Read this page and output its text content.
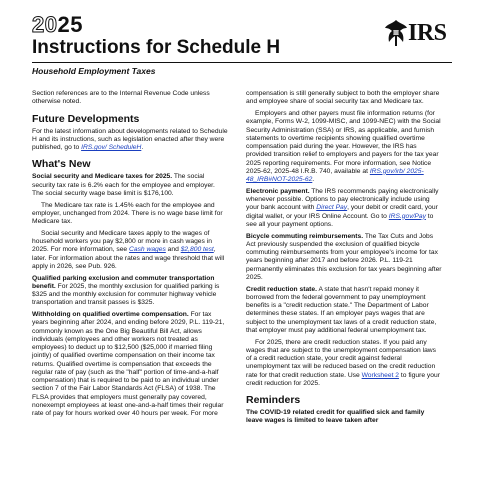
2025
Instructions for Schedule H
IRS
Household Employment Taxes

Section references are to the Internal Revenue Code unless otherwise noted.

Future Developments

For the latest information about developments related to Schedule H and its instructions, such as legislation enacted after they were published, go to IRS.gov/ ScheduleH.

What's New

Social security and Medicare taxes for 2025. The social security tax rate is 6.2% each for the employee and employer. The social security wage base limit is $176,100.

The Medicare tax rate is 1.45% each for the employee and employer, unchanged from 2024. There is no wage base limit for Medicare tax.

Social security and Medicare taxes apply to the wages of household workers you pay $2,800 or more in cash wages in 2025. For more information, see Cash wages and $2,800 test, later. For information about the rates and wage threshold that will apply in 2026, see Pub. 926.

Qualified parking exclusion and commuter transportation benefit. For 2025, the monthly exclusion for qualified parking is $325 and the monthly exclusion for commuter highway vehicle transportation and transit passes is $325.

Withholding on qualified overtime compensation. For tax years beginning after 2024, and ending before 2029, P.L. 119-21, commonly known as the One Big Beautiful Bill Act, allows individuals (employees and other workers not treated as employees) to deduct up to $12,500 ($25,000 if married filing jointly) of qualified overtime compensation on their income tax returns. Qualified overtime is compensation that exceeds the regular rate of pay (such as the "half" portion of time-and-a-half compensation) that is required to be paid to an individual under section 7 of the Fair Labor Standards Act (FLSA) of 1938. The FLSA provides that employers must generally pay covered, nonexempt employees at least one-and-a-half times their regular rate of pay for hours worked over 40 hours per week. For more

compensation is still generally subject to both the employer share and employee share of social security tax and Medicare tax.

Employers and other payers must file information returns (for example, Forms W-2, 1099-MISC, and 1099-NEC) with the Social Security Administration (SSA) or IRS, as applicable, and furnish statements to overtime recipients showing qualified overtime compensation paid during the year. However, the IRS has provided transition relief to employers and payers for the tax year 2025 reporting requirements. For more information, see Notice 2025-62, 2025-48 I.R.B. 740, available at IRS.gov/irb/ 2025-48_IRB#NOT-2025-62.

Electronic payment. The IRS recommends paying electronically whenever possible. Options to pay electronically include using your bank account with Direct Pay, your debit or credit card, your digital wallet, or your IRS Online Account. Go to IRS.gov/Pay to see all your payment options.

Bicycle commuting reimbursements. The Tax Cuts and Jobs Act previously suspended the exclusion of qualified bicycle commuting reimbursements from your employee's income for tax years beginning after 2017 and before 2026. P.L. 119-21 permanently eliminates this exclusion for tax years beginning after 2025.

Credit reduction state. A state that hasn't repaid money it borrowed from the federal government to pay unemployment benefits is a "credit reduction state." The Department of Labor determines these states. If an employer pays wages that are subject to the unemployment tax laws of a credit reduction state, that employer must pay additional federal unemployment tax.

For 2025, there are credit reduction states. If you paid any wages that are subject to the unemployment compensation laws of a credit reduction state, your credit against federal unemployment tax will be reduced based on the credit reduction rate for that credit reduction state. Use Worksheet 2 to figure your credit reduction for 2025.

Reminders

The COVID-19 related credit for qualified sick and family leave wages is limited to leave taken after
